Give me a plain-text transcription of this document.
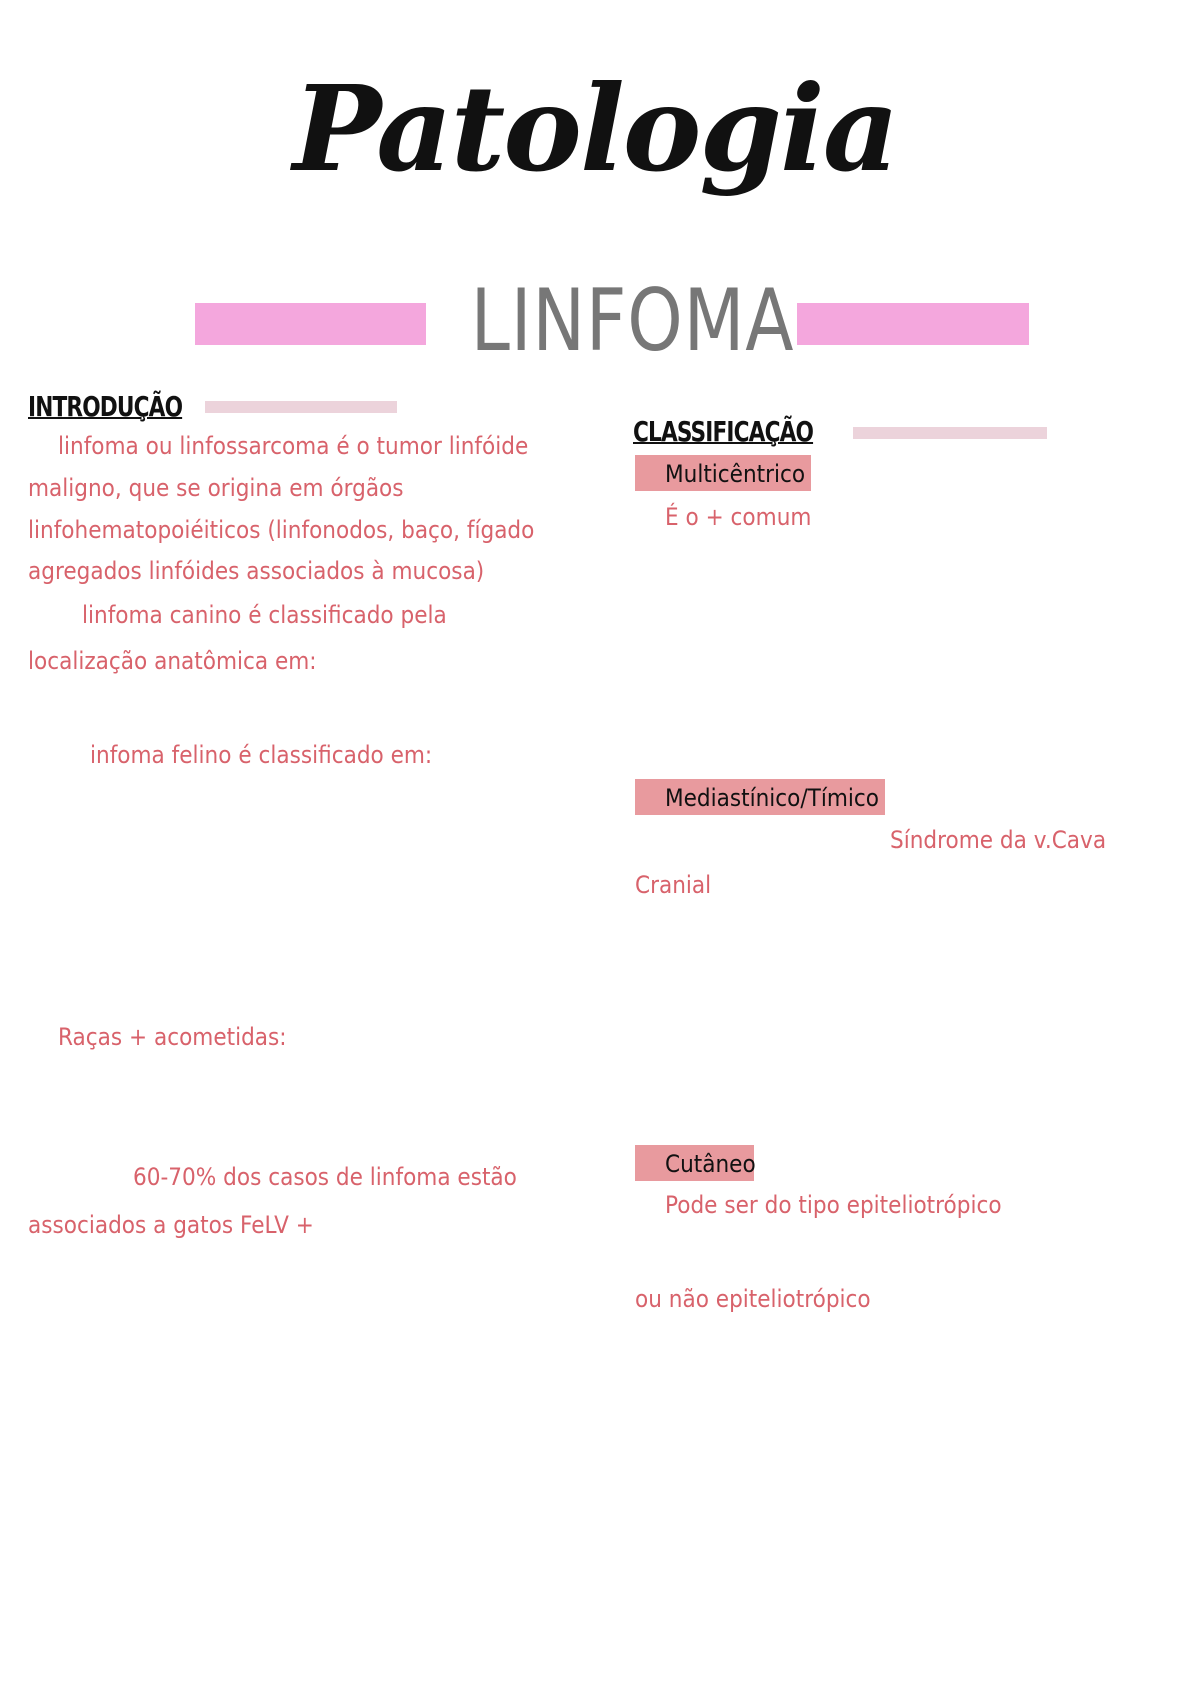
Patologia
LINFOMA
INTRODUÇÃO
linfoma ou linfossarcoma é o tumor linfóide
maligno, que se origina em órgãos
linfohematopoiéiticos (linfonodos, baço, fígado
agregados linfóides associados à mucosa)
linfoma canino é classificado pela
localização anatômica em:
infoma felino é classificado em:
Raças + acometidas:
60-70% dos casos de linfoma estão
associados a gatos FeLV +
CLASSIFICAÇÃO
Multicêntrico
É o + comum
Mediastínico/Tímico
Síndrome da v.Cava
Cranial
Cutâneo
Pode ser do tipo epiteliotrópico
ou não epiteliotrópico
